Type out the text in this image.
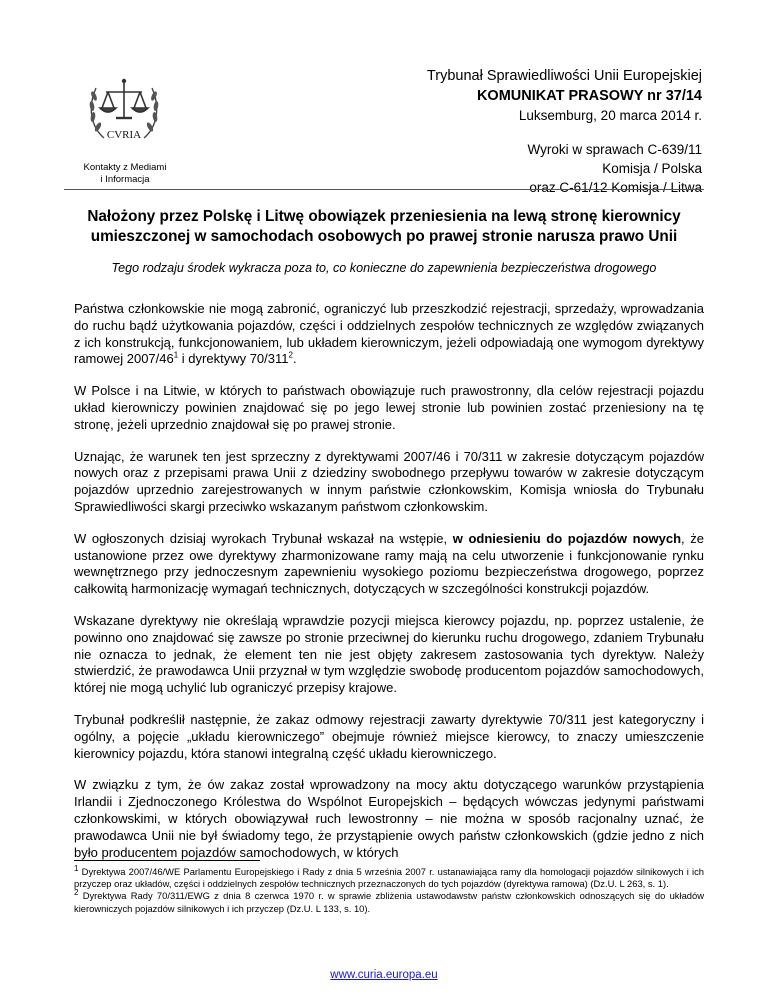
CVRIA
Kontakty z Mediami
i Informacja
Trybunał Sprawiedliwości Unii Europejskiej
KOMUNIKAT PRASOWY nr 37/14
Luksemburg, 20 marca 2014 r.
Wyroki w sprawach C-639/11
Komisja / Polska
oraz C-61/12 Komisja / Litwa
Nałożony przez Polskę i Litwę obowiązek przeniesienia na lewą stronę kierownicy
umieszczonej w samochodach osobowych po prawej stronie narusza prawo Unii
Tego rodzaju środek wykracza poza to, co konieczne do zapewnienia bezpieczeństwa drogowego

Państwa członkowskie nie mogą zabronić, ograniczyć lub przeszkodzić rejestracji, sprzedaży, wprowadzania do ruchu bądź użytkowania pojazdów, części i oddzielnych zespołów technicznych ze względów związanych z ich konstrukcją, funkcjonowaniem, lub układem kierowniczym, jeżeli odpowiadają one wymogom dyrektywy ramowej $2007/46^1$ i dyrektywy $70/311^2$.

W Polsce i na Litwie, w których to państwach obowiązuje ruch prawostronny, dla celów rejestracji pojazdu układ kierowniczy powinien znajdować się po jego lewej stronie lub powinien zostać przeniesiony na tę stronę, jeżeli uprzednio znajdował się po prawej stronie.

Uznając, że warunek ten jest sprzeczny z dyrektywami 2007/46 i 70/311 w zakresie dotyczącym pojazdów nowych oraz z przepisami prawa Unii z dziedziny swobodnego przepływu towarów w zakresie dotyczącym pojazdów uprzednio zarejestrowanych w innym państwie członkowskim, Komisja wniosła do Trybunału Sprawiedliwości skargi przeciwko wskazanym państwom członkowskim.

W ogłoszonych dzisiaj wyrokach Trybunał wskazał na wstępie, w odniesieniu do pojazdów nowych, że ustanowione przez owe dyrektywy zharmonizowane ramy mają na celu utworzenie i funkcjonowanie rynku wewnętrznego przy jednoczesnym zapewnieniu wysokiego poziomu bezpieczeństwa drogowego, poprzez całkowitą harmonizację wymagań technicznych, dotyczących w szczególności konstrukcji pojazdów.

Wskazane dyrektywy nie określają wprawdzie pozycji miejsca kierowcy pojazdu, np. poprzez ustalenie, że powinno ono znajdować się zawsze po stronie przeciwnej do kierunku ruchu drogowego, zdaniem Trybunału nie oznacza to jednak, że element ten nie jest objęty zakresem zastosowania tych dyrektyw. Należy stwierdzić, że prawodawca Unii przyznał w tym względzie swobodę producentom pojazdów samochodowych, której nie mogą uchylić lub ograniczyć przepisy krajowe.

Trybunał podkreślił następnie, że zakaz odmowy rejestracji zawarty dyrektywie 70/311 jest kategoryczny i ogólny, a pojęcie „układu kierowniczego” obejmuje również miejsce kierowcy, to znaczy umieszczenie kierownicy pojazdu, która stanowi integralną część układu kierowniczego.

W związku z tym, że ów zakaz został wprowadzony na mocy aktu dotyczącego warunków przystąpienia Irlandii i Zjednoczonego Królestwa do Wspólnot Europejskich – będących wówczas jedynymi państwami członkowskimi, w których obowiązywał ruch lewostronny – nie można w sposób racjonalny uznać, że prawodawca Unii nie był świadomy tego, że przystąpienie owych państw członkowskich (gdzie jedno z nich było producentem pojazdów samochodowych, w których

$^1$ Dyrektywa 2007/46/WE Parlamentu Europejskiego i Rady z dnia 5 września 2007 r. ustanawiająca ramy dla homologacji pojazdów silnikowych i ich przyczep oraz układów, części i oddzielnych zespołów technicznych przeznaczonych do tych pojazdów (dyrektywa ramowa) (Dz.U. L 263, s. 1).

$^2$ Dyrektywa Rady 70/311/EWG z dnia 8 czerwca 1970 r. w sprawie zbliżenia ustawodawstw państw członkowskich odnoszących się do układów kierowniczych pojazdów silnikowych i ich przyczep (Dz.U. L 133, s. 10).

www.curia.europa.eu
